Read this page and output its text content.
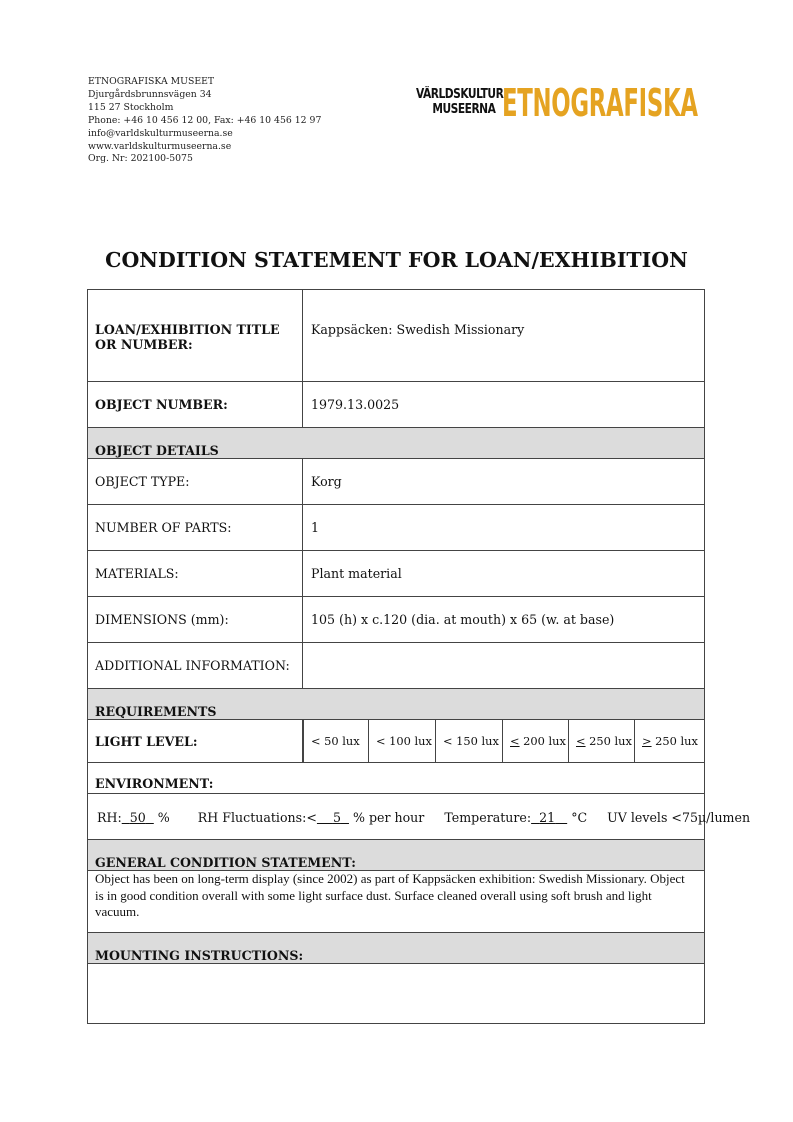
ETNOGRAFISKA MUSEET
Djurgårdsbrunnsvägen 34
115 27 Stockholm
Phone: +46 10 456 12 00, Fax: +46 10 456 12 97
info@varldskulturmuseerna.se
www.varldskulturmuseerna.se
Org. Nr: 202100-5075
VÄRLDSKULTUR
MUSEERNA ETNOGRAFISKA
CONDITION STATEMENT FOR LOAN/EXHIBITION
LOAN/EXHIBITION TITLE OR NUMBER:
Kappsäcken: Swedish Missionary
OBJECT NUMBER:	1979.13.0025
OBJECT DETAILS
OBJECT TYPE:	Korg
NUMBER OF PARTS:	1
MATERIALS:	Plant material
DIMENSIONS (mm):	105 (h) x c.120 (dia. at mouth) x 65 (w. at base)
ADDITIONAL INFORMATION:
REQUIREMENTS
LIGHT LEVEL:	< 50 lux	< 100 lux < 150 lux < 200 lux < 250 lux > 250 lux
ENVIRONMENT:
RH: 50 % RH Fluctuations:< 5 % per hour Temperature: 21 °C UV levels <75µ/lumen
GENERAL CONDITION STATEMENT:
Object has been on long-term display (since 2002) as part of Kappsäcken exhibition: Swedish Missionary. Object is in good condition overall with some light surface dust. Surface cleaned overall using soft brush and light vacuum.
MOUNTING INSTRUCTIONS:
